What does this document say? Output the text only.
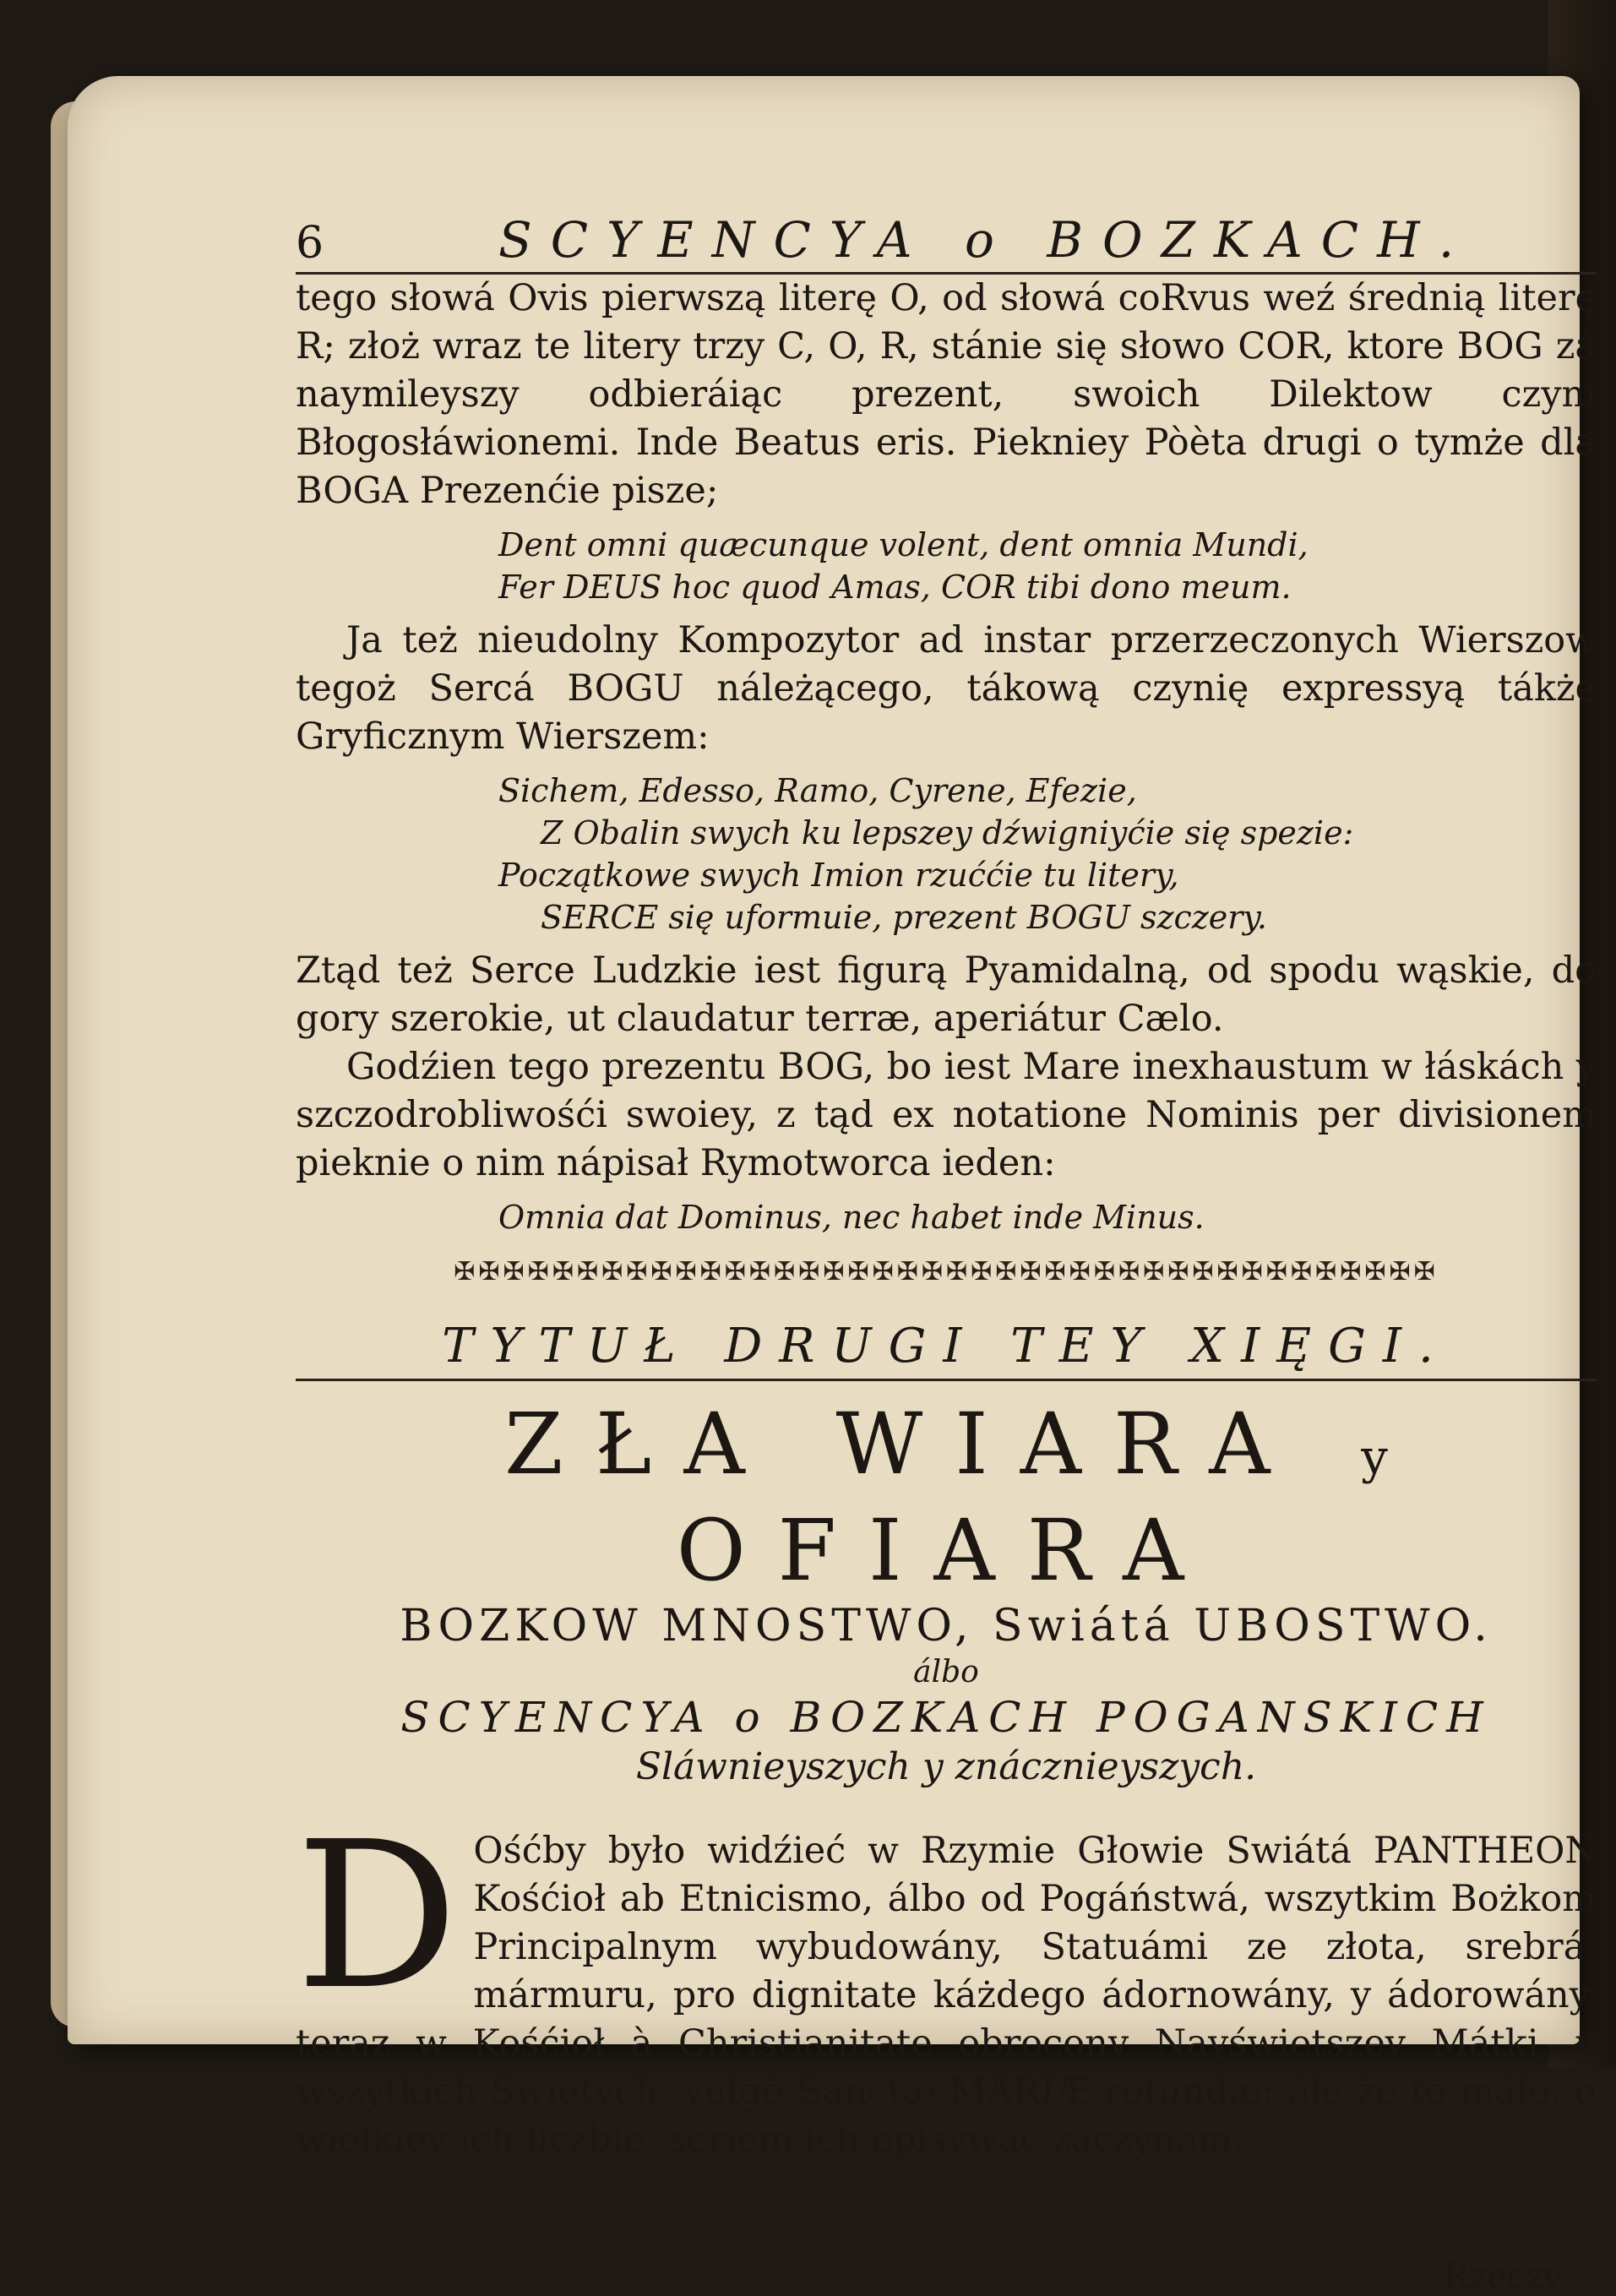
6	SCYENCYA o BOZKACH.

tego słowá Ovis pierwszą literę O, od słowá coRvus weź średnią literę R; złoż wraz te litery trzy C, O, R, stánie się słowo COR, ktore BOG zá naymileyszy odbieráiąc prezent, swoich Dilektow czyni Błogosłáwionemi. Inde Beatus eris. Piekniey Pòèta drugi o tymże dla BOGA Prezenćie pisze;

Dent omni quæcunque volent, dent omnia Mundi,

Fer DEUS hoc quod Amas, COR tibi dono meum.

Ja też nieudolny Kompozytor ad instar przerzeczonych Wierszow tegoż Sercá BOGU náleżącego, tákową czynię expressyą tákże Gryficznym Wierszem:

Sichem, Edesso, Ramo, Cyrene, Efezie,

Z Obalin swych ku lepszey dźwigniyćie się spezie:

Początkowe swych Imion rzuććie tu litery,

SERCE się uformuie, prezent BOGU szczery.

Ztąd też Serce Ludzkie iest figurą Pyamidalną, od spodu wąskie, do gory szerokie, ut claudatur terræ, aperiátur Cælo.

Godźien tego prezentu BOG, bo iest Mare inexhaustum w łáskách y szczodrobliwośći swoiey, z tąd ex notatione Nominis per divisionem pieknie o nim nápisał Rymotworca ieden:

Omnia dat Dominus, nec habet inde Minus.

✠✠✠✠✠✠✠✠✠✠✠✠✠✠✠✠✠✠✠✠✠✠✠✠✠✠✠✠✠✠✠✠✠✠✠✠✠✠✠✠

TYTUŁ DRUGI TEY XIĘGI.

ZŁA WIARA y OFIARA

BOZKOW MNOSTWO, Swiátá UBOSTWO.

álbo

SCYENCYA o BOZKACH POGANSKICH

Sláwnieyszych y znácznieyszych.

D Ośćby było widźieć w Rzymie Głowie Swiátá PANTHEON Kośćioł ab Etnicismo, álbo od Pogáństwá, wszytkim Bożkom Principalnym wybudowány, Statuámi ze złota, srebrá, mármuru, pro dignitate káżdego ádornowány, y ádorowány, teraz w Kośćioł à Christianitate obrocony Nayświętszey Mátki, y wszytkich Swiętych, vulgò Sanctæ MARIÆ rotundæ; ále że to máło, o wielkiey ich liczbie, seriem ich opisywáć záczynam.

Rzeczy
